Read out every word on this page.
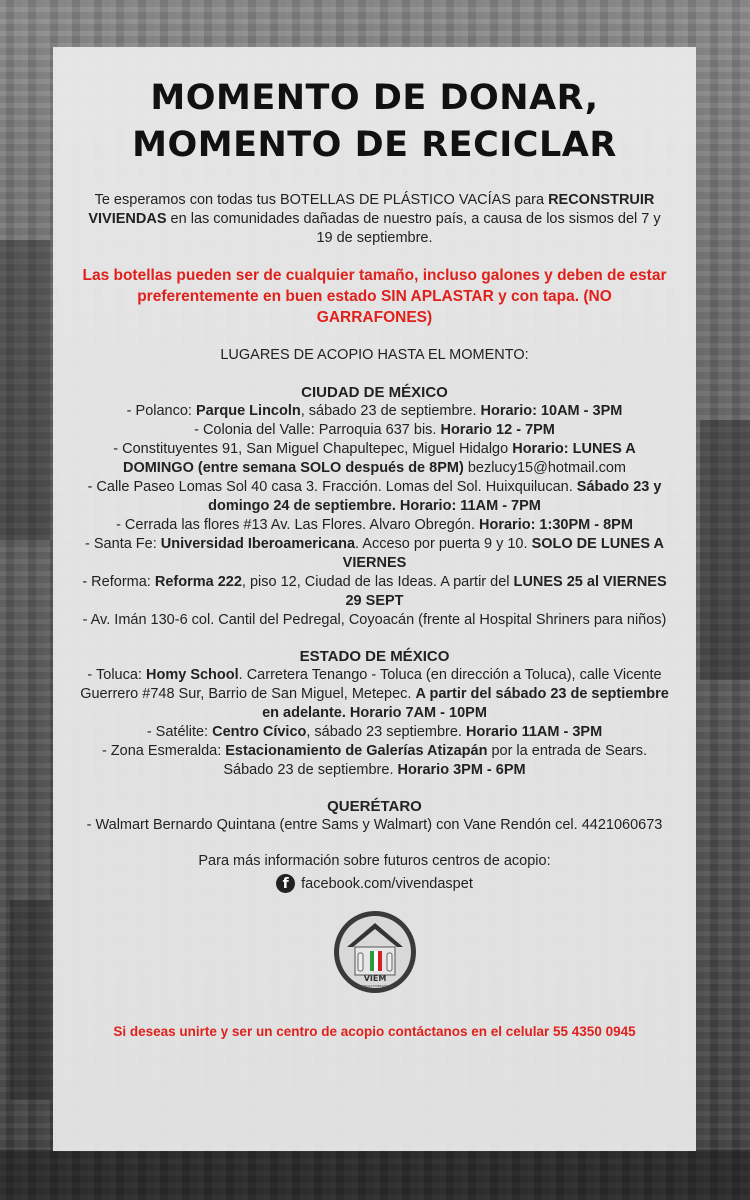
MOMENTO DE DONAR,
MOMENTO DE RECICLAR

Te esperamos con todas tus BOTELLAS DE PLÁSTICO VACÍAS para RECONSTRUIR VIVIENDAS en las comunidades dañadas de nuestro país, a causa de los sismos del 7 y 19 de septiembre.

Las botellas pueden ser de cualquier tamaño, incluso galones y deben de estar preferentemente en buen estado SIN APLASTAR y con tapa. (NO GARRAFONES)

LUGARES DE ACOPIO HASTA EL MOMENTO:

CIUDAD DE MÉXICO

- Polanco: Parque Lincoln, sábado 23 de septiembre. Horario: 10AM - 3PM

- Colonia del Valle: Parroquia 637 bis. Horario 12 - 7PM

- Constituyentes 91, San Miguel Chapultepec, Miguel Hidalgo Horario: LUNES A DOMINGO (entre semana SOLO después de 8PM) bezlucy15@hotmail.com

- Calle Paseo Lomas Sol 40 casa 3. Fracción. Lomas del Sol. Huixquilucan. Sábado 23 y domingo 24 de septiembre. Horario: 11AM - 7PM

- Cerrada las flores #13 Av. Las Flores. Alvaro Obregón. Horario: 1:30PM - 8PM

- Santa Fe: Universidad Iberoamericana. Acceso por puerta 9 y 10. SOLO DE LUNES A VIERNES

- Reforma: Reforma 222, piso 12, Ciudad de las Ideas. A partir del LUNES 25 al VIERNES 29 SEPT

- Av. Imán 130-6 col. Cantil del Pedregal, Coyoacán (frente al Hospital Shriners para niños)

ESTADO DE MÉXICO

- Toluca: Homy School. Carretera Tenango - Toluca (en dirección a Toluca), calle Vicente Guerrero #748 Sur, Barrio de San Miguel, Metepec. A partir del sábado 23 de septiembre en adelante. Horario 7AM - 10PM

- Satélite: Centro Cívico, sábado 23 septiembre. Horario 11AM - 3PM

- Zona Esmeralda: Estacionamiento de Galerías Atizapán por la entrada de Sears. Sábado 23 de septiembre. Horario 3PM - 6PM

QUERÉTARO

- Walmart Bernardo Quintana (entre Sams y Walmart) con Vane Rendón cel. 4421060673

Para más información sobre futuros centros de acopio:

f facebook.com/vivendaspet
VIEM
VIVIENDAS EMERGENTES

Si deseas unirte y ser un centro de acopio contáctanos en el celular 55 4350 0945
